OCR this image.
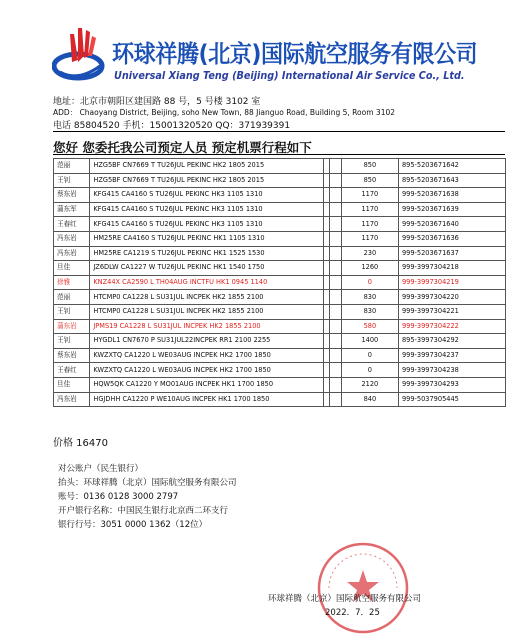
环球祥腾(北京)国际航空服务有限公司
Universal Xiang Teng (Beijing) International Air Service Co., Ltd.
地址：北京市朝阳区建国路 88 号，5 号楼 3102 室
ADD： Chaoyang District, Beijing, soho New Town, 88 Jianguo Road, Building 5, Room 3102
电话 85804520 手机：15001320520 QQ：371939391
您好 您委托我公司预定人员 预定机票行程如下
范丽	HZG5BF CN7669 T TU26JUL PEKINC HK2 1805 2015			850	895-5203671642
王钊	HZG5BF CN7669 T TU26JUL PEKINC HK2 1805 2015			850	895-5203671643
蔡东岩	KFG415 CA4160 S TU26JUL PEKINC HK3 1105 1310			1170	999-5203671638
蒲东军	KFG415 CA4160 S TU26JUL PEKINC HK3 1105 1310			1170	999-5203671639
王春红	KFG415 CA4160 S TU26JUL PEKINC HK3 1105 1310			1170	999-5203671640
冯东岩	HM25RE CA4160 S TU26JUL PEKINC HK1 1105 1310			1170	999-5203671636
冯东岩	HM25RE CA1219 S TU26JUL PEKINC HK1 1525 1530			230	999-5203671637
旦佳	JZ6DLW CA1227 W TU26JUL PEKINC HK1 1540 1750			1260	999-3997304218
徐雅	KNZ44X CA2590 L TH04AUG INCTFU HK1 0945 1140			0	999-3997304219
范丽	HTCMP0 CA1228 L SU31JUL INCPEK HK2 1855 2100			830	999-3997304220
王钊	HTCMP0 CA1228 L SU31JUL INCPEK HK2 1855 2100			830	999-3997304221
蒲东岩	JPMS19 CA1228 L SU31JUL INCPEK HK2 1855 2100			580	999-3997304222
王钊	HYGDL1 CN7670 P SU31JUL22INCPEK RR1 2100 2255			1400	895-3997304292
蔡东岩	KWZXTQ CA1220 L WE03AUG INCPEK HK2 1700 1850			0	999-3997304237
王春红	KWZXTQ CA1220 L WE03AUG INCPEK HK2 1700 1850			0	999-3997304238
旦佳	HQW5QK CA1220 Y MO01AUG INCPEK HK1 1700 1850			2120	999-3997304293
冯东岩	HGJDHH CA1220 P WE10AUG INCPEK HK1 1700 1850			840	999-5037905445
价格 16470
对公账户（民生银行）
抬头：环球祥腾（北京）国际航空服务有限公司
账号：0136 0128 3000 2797
开户银行名称：中国民生银行北京西二环支行
银行行号：3051 0000 1362（12位）
环球祥腾（北京）国际航空服务有限公司
2022．7．25
